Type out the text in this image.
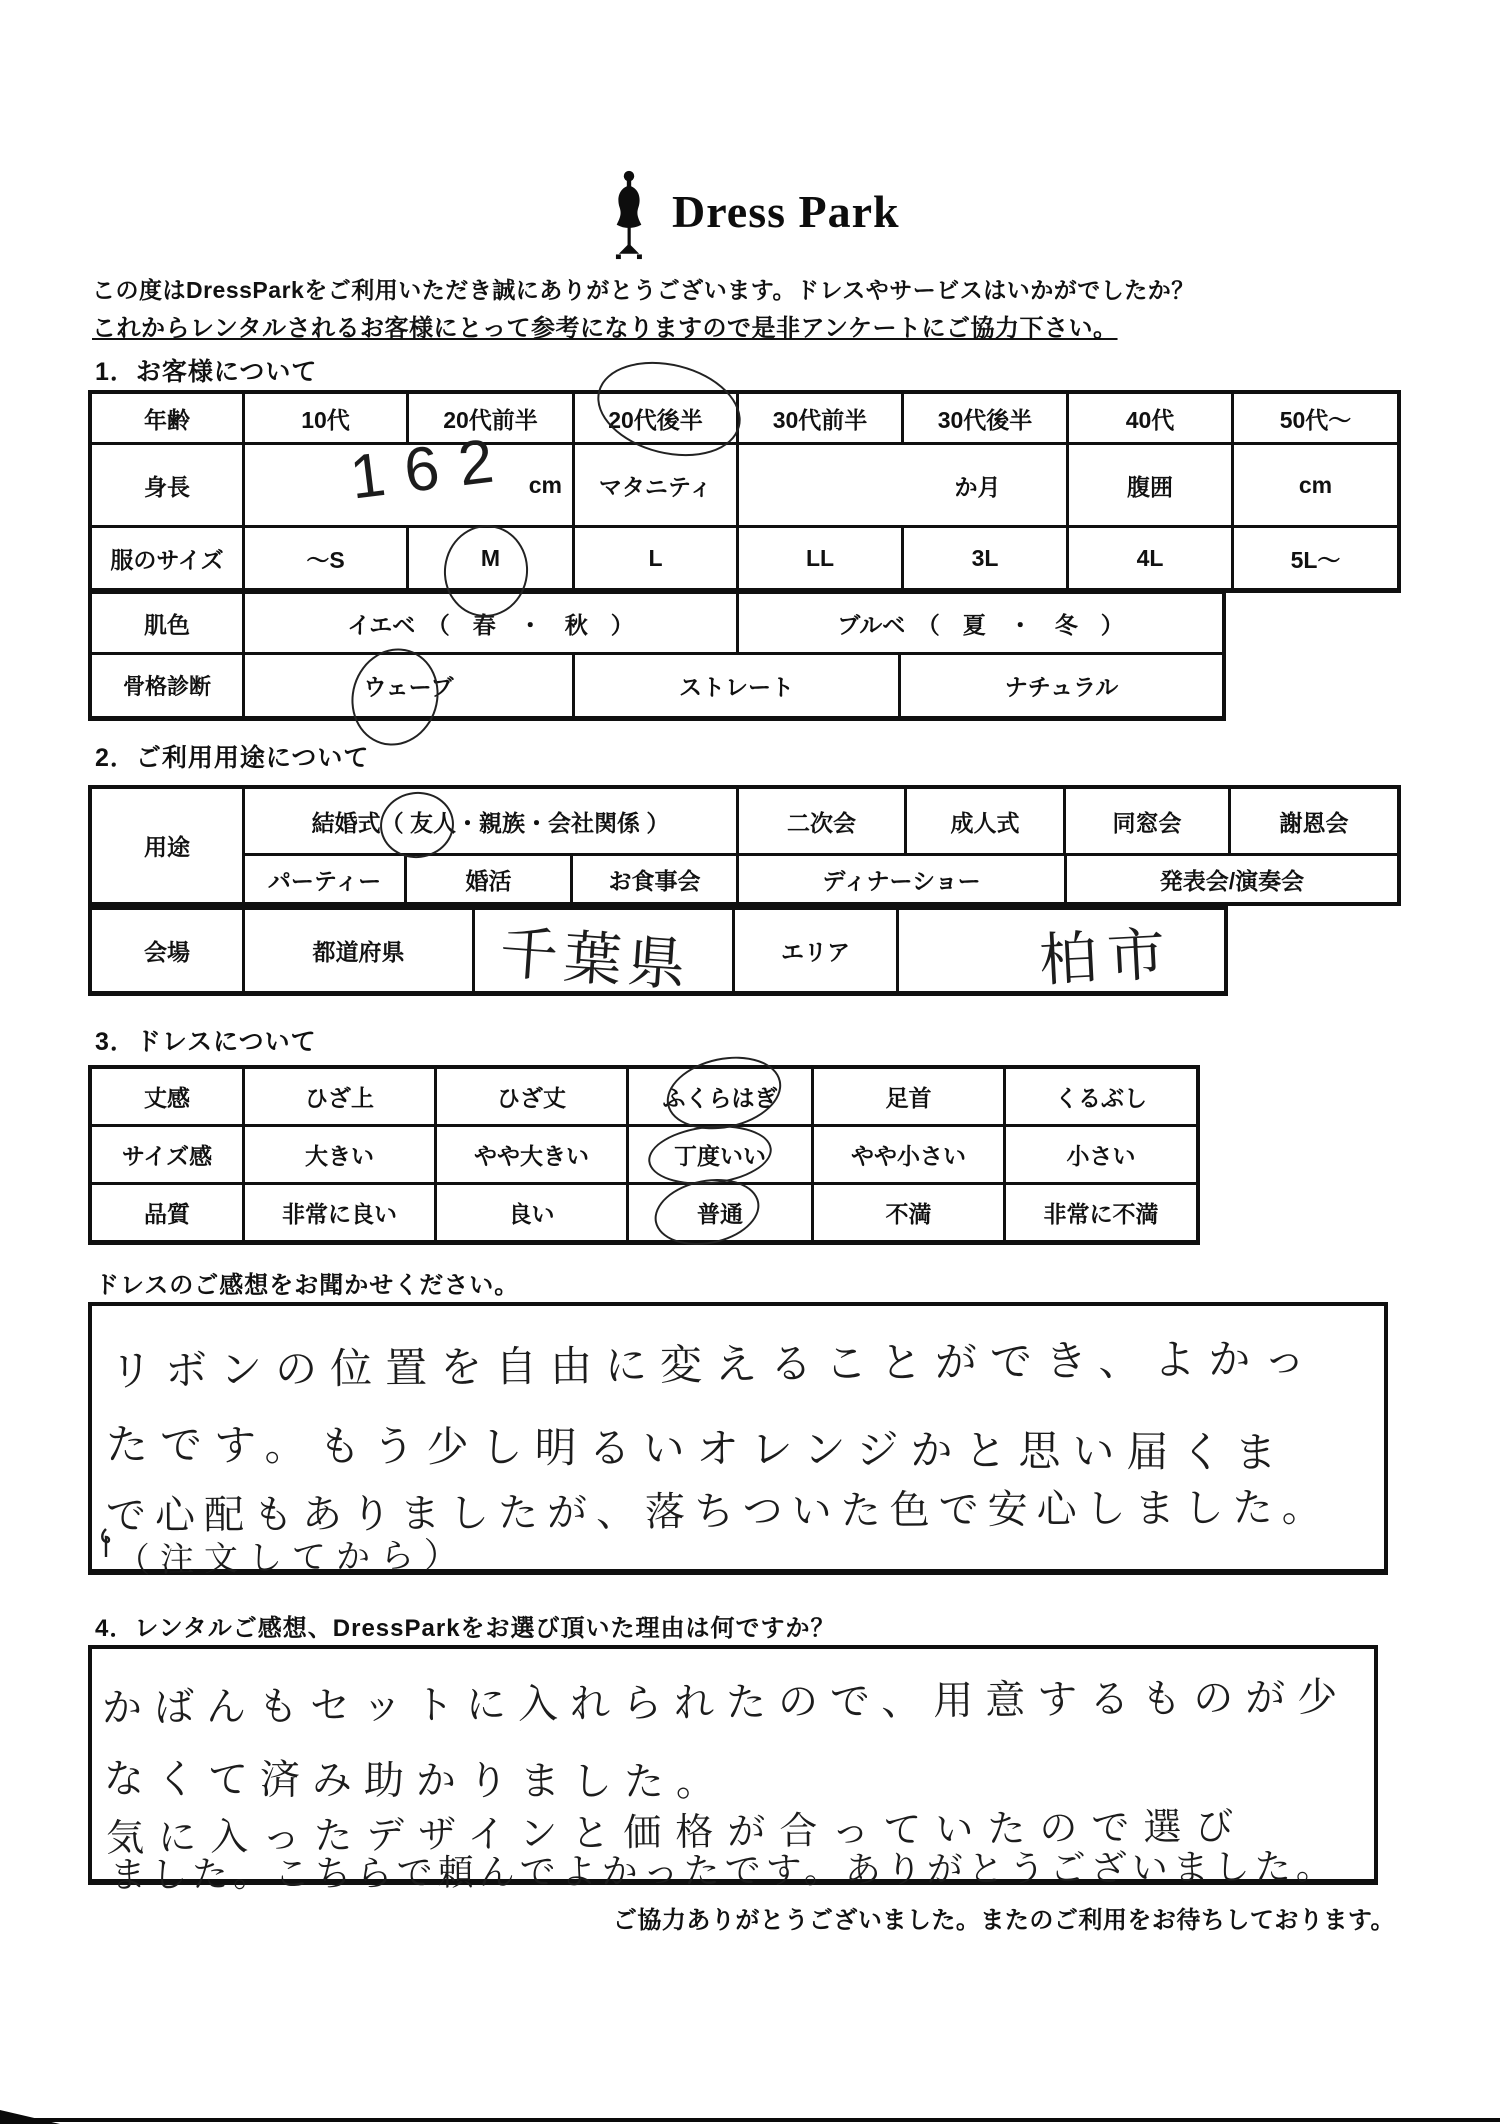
Dress Park
この度はDressParkをご利用いただき誠にありがとうございます。ドレスやサービスはいかがでしたか？
これからレンタルされるお客様にとって参考になりますので是非アンケートにご協力下さい。
1．お客様について
年齢	10代	20代前半	20代後半	30代前半	30代後半	40代	50代～
身長	162 cm	マタニティ	か月	腹囲	cm
服のサイズ	～S	M	L	LL	3L	4L	5L～
肌色	イエベ　（　春　・　秋　）	ブルベ　（　夏　・　冬　）
骨格診断	ウェーブ	ストレート	ナチュラル
2．ご利用用途について
用途
結婚式（ 友人・親族・会社関係 ）	二次会	成人式	同窓会	謝恩会
パーティー	婚活	お食事会	ディナーショー	発表会/演奏会
会場	都道府県	千葉県	エリア	柏市
3．ドレスについて
丈感	ひざ上	ひざ丈	ふくらはぎ	足首	くるぶし
サイズ感	大きい	やや大きい	丁度いい	やや小さい	小さい
品質	非常に良い	良い	普通	不満	非常に不満
ドレスのご感想をお聞かせください。
リボンの位置を自由に変えることができ、よかっ
たです。もう少し明るいオレンジかと思い届くま
で心配もありましたが、落ちついた色で安心しました。
（注文してから）
4．レンタルご感想、DressParkをお選び頂いた理由は何ですか？
かばんもセットに入れられたので、用意するものが少
なくて済み助かりました。
気に入ったデザインと価格が合っていたので選び
ました。こちらで頼んでよかったです。ありがとうございました。
ご協力ありがとうございました。またのご利用をお待ちしております。
